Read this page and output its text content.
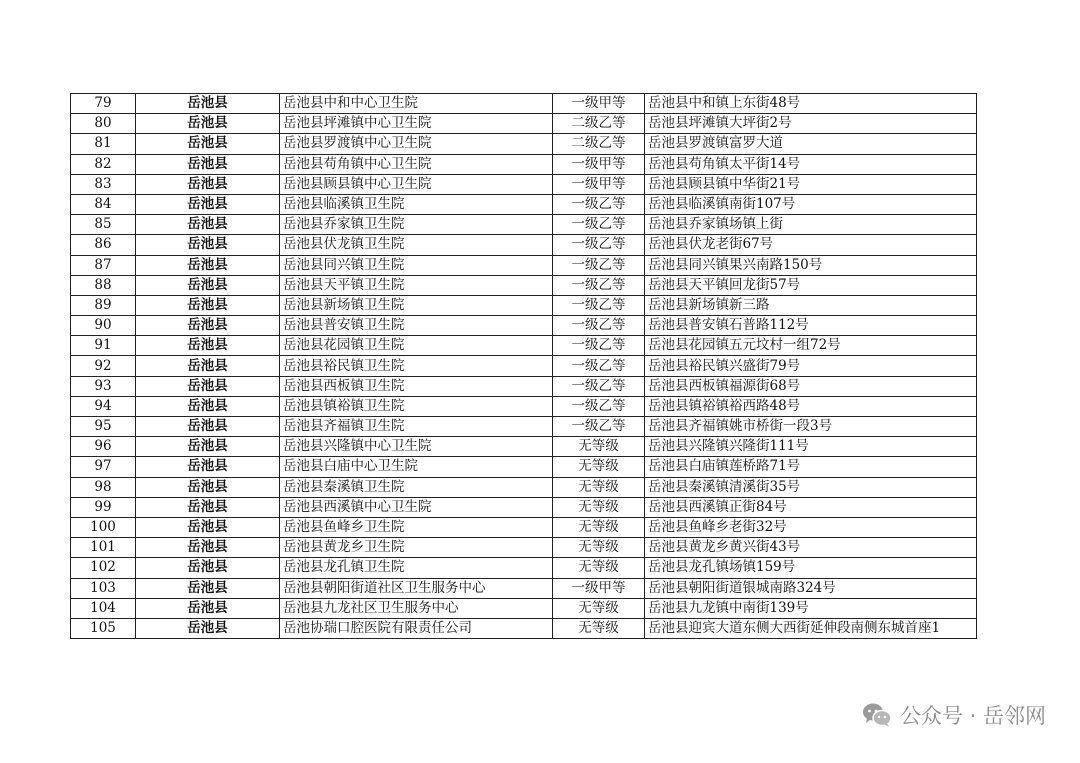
79	岳池县	岳池县中和中心卫生院	一级甲等	岳池县中和镇上东街48号
80	岳池县	岳池县坪滩镇中心卫生院	二级乙等	岳池县坪滩镇大坪街2号
81	岳池县	岳池县罗渡镇中心卫生院	二级乙等	岳池县罗渡镇富罗大道
82	岳池县	岳池县苟角镇中心卫生院	一级甲等	岳池县苟角镇太平街14号
83	岳池县	岳池县顾县镇中心卫生院	一级甲等	岳池县顾县镇中华街21号
84	岳池县	岳池县临溪镇卫生院	一级乙等	岳池县临溪镇南街107号
85	岳池县	岳池县乔家镇卫生院	一级乙等	岳池县乔家镇场镇上街
86	岳池县	岳池县伏龙镇卫生院	一级乙等	岳池县伏龙老街67号
87	岳池县	岳池县同兴镇卫生院	一级乙等	岳池县同兴镇果兴南路150号
88	岳池县	岳池县天平镇卫生院	一级乙等	岳池县天平镇回龙街57号
89	岳池县	岳池县新场镇卫生院	一级乙等	岳池县新场镇新三路
90	岳池县	岳池县普安镇卫生院	一级乙等	岳池县普安镇石普路112号
91	岳池县	岳池县花园镇卫生院	一级乙等	岳池县花园镇五元坟村一组72号
92	岳池县	岳池县裕民镇卫生院	一级乙等	岳池县裕民镇兴盛街79号
93	岳池县	岳池县西板镇卫生院	一级乙等	岳池县西板镇福源街68号
94	岳池县	岳池县镇裕镇卫生院	一级乙等	岳池县镇裕镇裕西路48号
95	岳池县	岳池县齐福镇卫生院	一级乙等	岳池县齐福镇姚市桥街一段3号
96	岳池县	岳池县兴隆镇中心卫生院	无等级	岳池县兴隆镇兴隆街111号
97	岳池县	岳池县白庙中心卫生院	无等级	岳池县白庙镇莲桥路71号
98	岳池县	岳池县秦溪镇卫生院	无等级	岳池县秦溪镇清溪街35号
99	岳池县	岳池县西溪镇中心卫生院	无等级	岳池县西溪镇正街84号
100	岳池县	岳池县鱼峰乡卫生院	无等级	岳池县鱼峰乡老街32号
101	岳池县	岳池县黄龙乡卫生院	无等级	岳池县黄龙乡黄兴街43号
102	岳池县	岳池县龙孔镇卫生院	无等级	岳池县龙孔镇场镇159号
103	岳池县	岳池县朝阳街道社区卫生服务中心	一级甲等	岳池县朝阳街道银城南路324号
104	岳池县	岳池县九龙社区卫生服务中心	无等级	岳池县九龙镇中南街139号
105	岳池县	岳池协瑞口腔医院有限责任公司	无等级	岳池县迎宾大道东侧大西街延伸段南侧东城首座1
公众号 · 岳邻网
